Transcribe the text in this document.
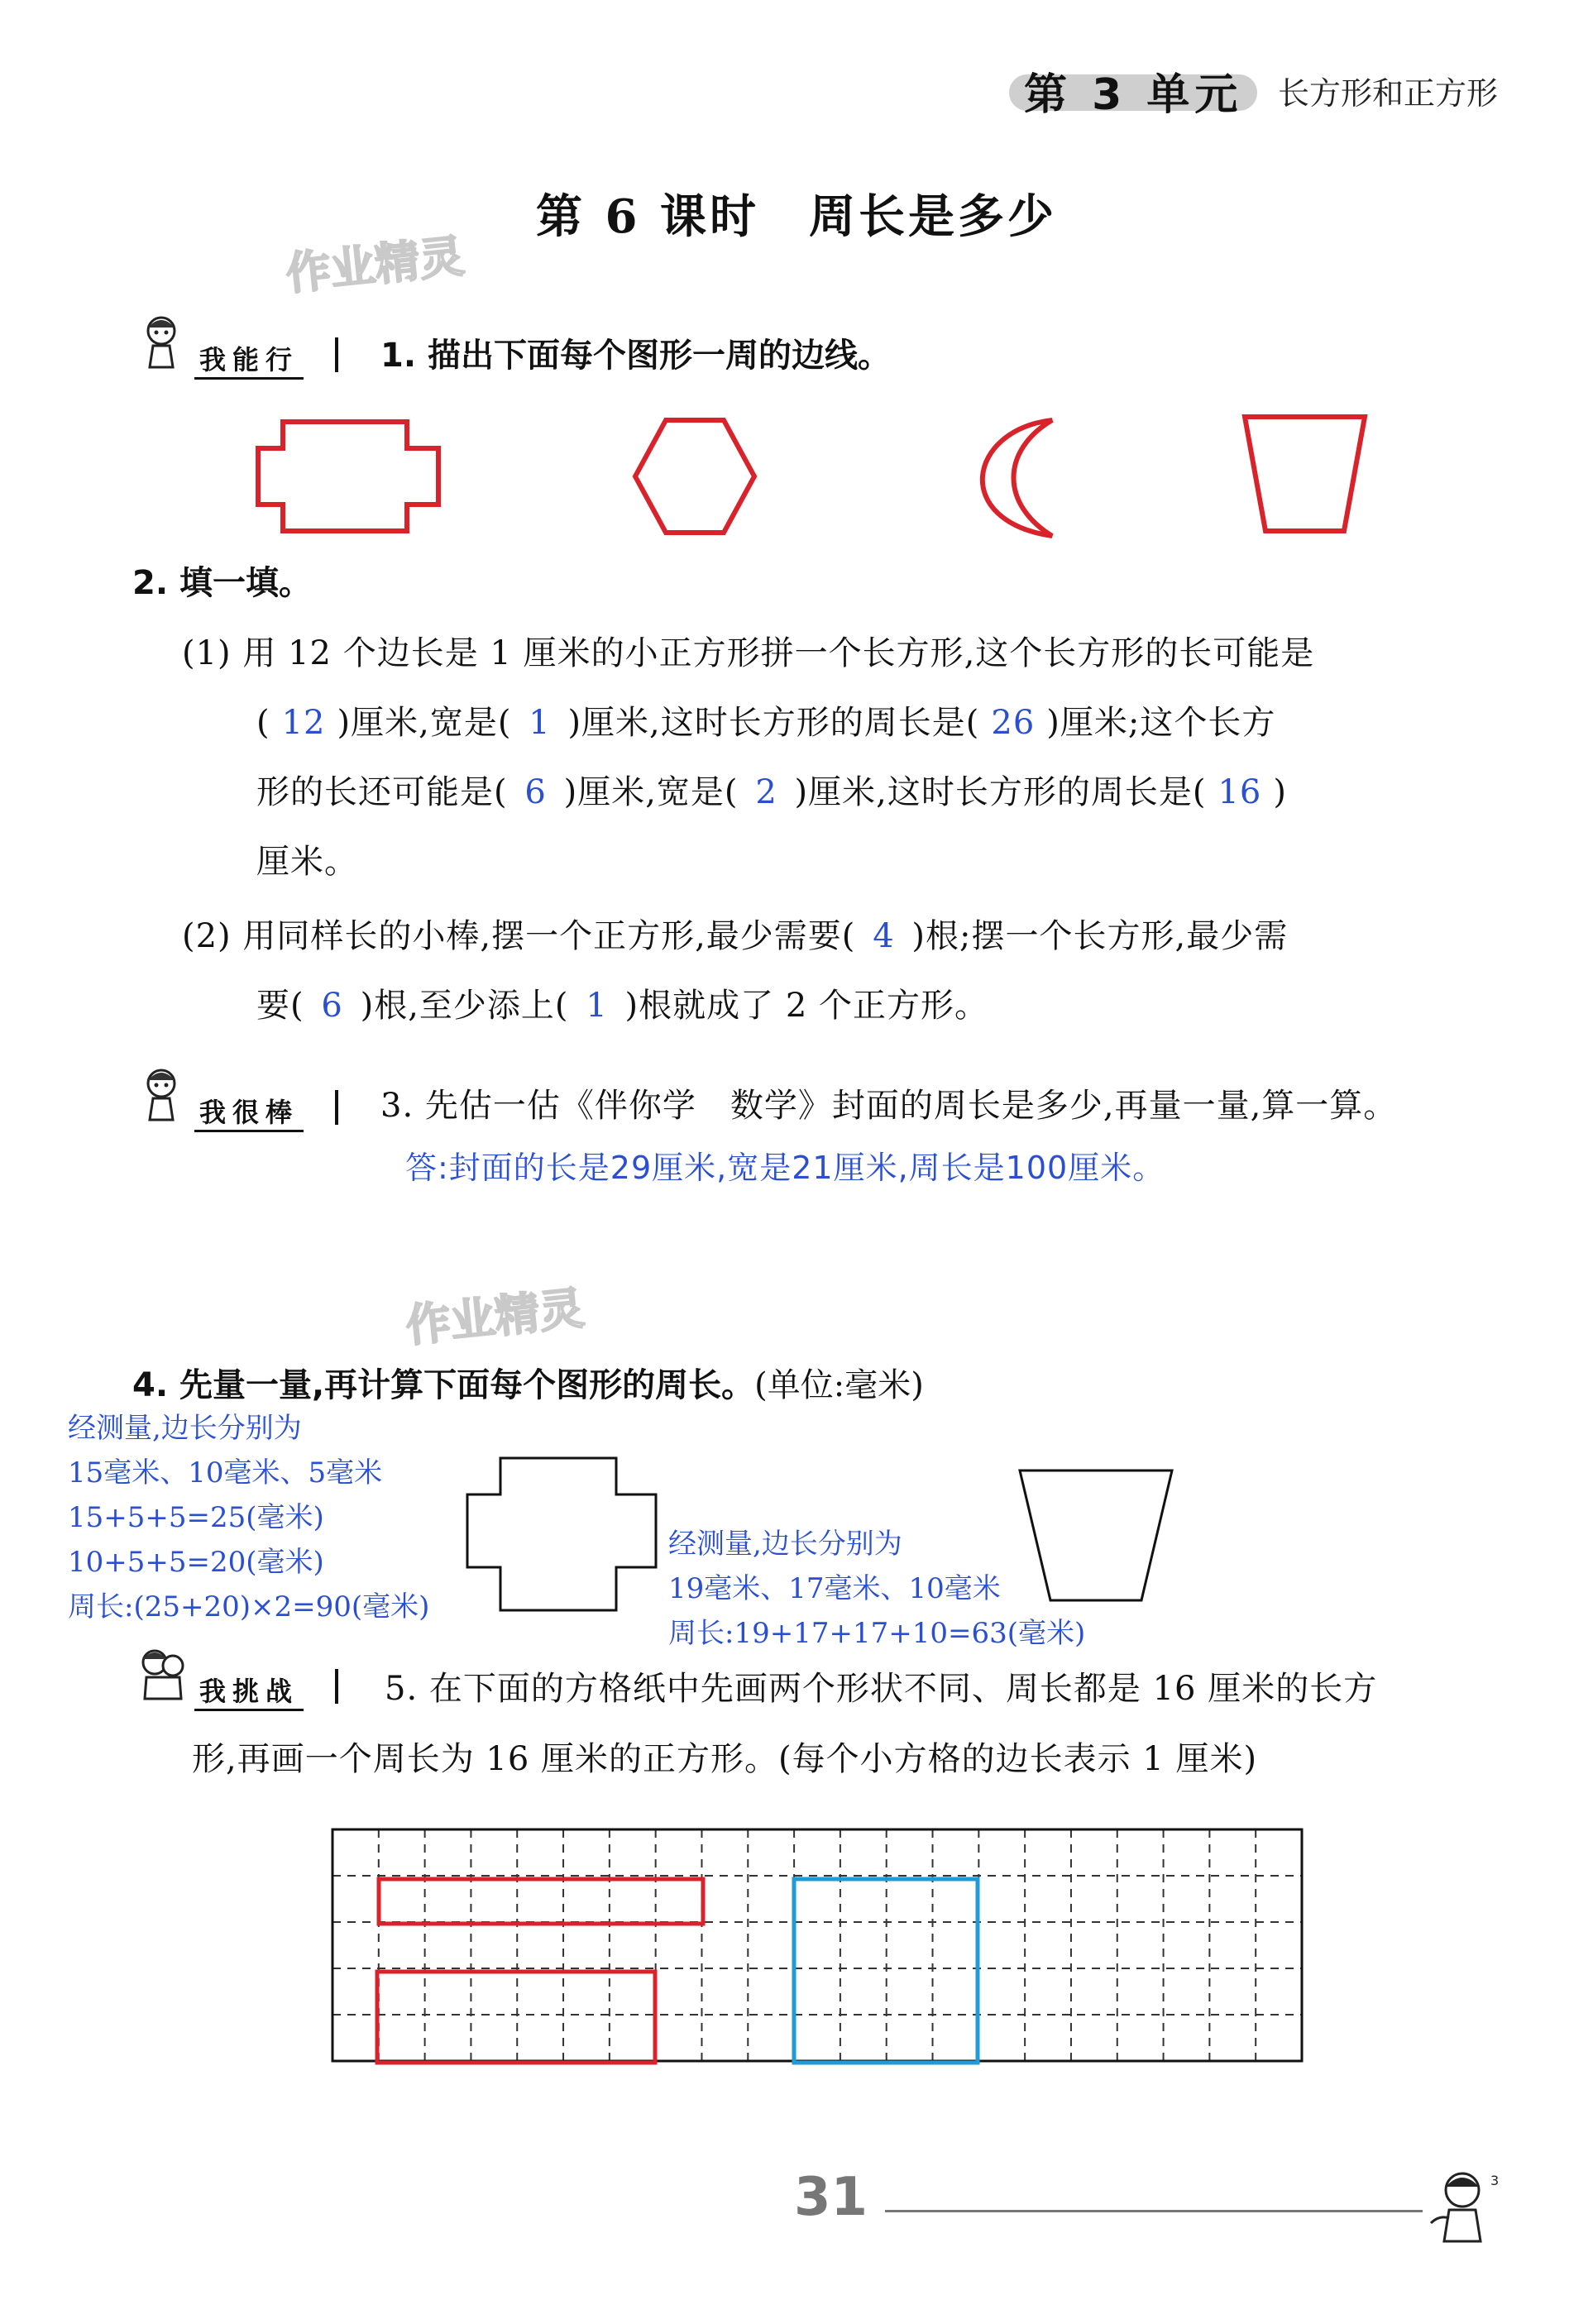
第 3 单元 长方形和正方形
第 6 课时　周长是多少
作业精灵
我能行 1. 描出下面每个图形一周的边线。
2. 填一填。
(1) 用 12 个边长是 1 厘米的小正方形拼一个长方形,这个长方形的长可能是
( 12 )厘米,宽是( 1 )厘米,这时长方形的周长是( 26 )厘米;这个长方
形的长还可能是( 6 )厘米,宽是( 2 )厘米,这时长方形的周长是( 16 )
厘米。
(2) 用同样长的小棒,摆一个正方形,最少需要( 4 )根;摆一个长方形,最少需
要( 6 )根,至少添上( 1 )根就成了 2 个正方形。
我很棒 3. 先估一估《伴你学　数学》封面的周长是多少,再量一量,算一算。
答:封面的长是29厘米,宽是21厘米,周长是100厘米。
作业精灵
4. 先量一量,再计算下面每个图形的周长。(单位:毫米)
经测量,边长分别为
15毫米、10毫米、5毫米
15+5+5=25(毫米)
10+5+5=20(毫米)
周长:(25+20)×2=90(毫米)
经测量,边长分别为
19毫米、17毫米、10毫米
周长:19+17+17+10=63(毫米)
我挑战	5. 在下面的方格纸中先画两个形状不同、周长都是 16 厘米的长方
形,再画一个周长为 16 厘米的正方形。(每个小方格的边长表示 1 厘米)
31	3
